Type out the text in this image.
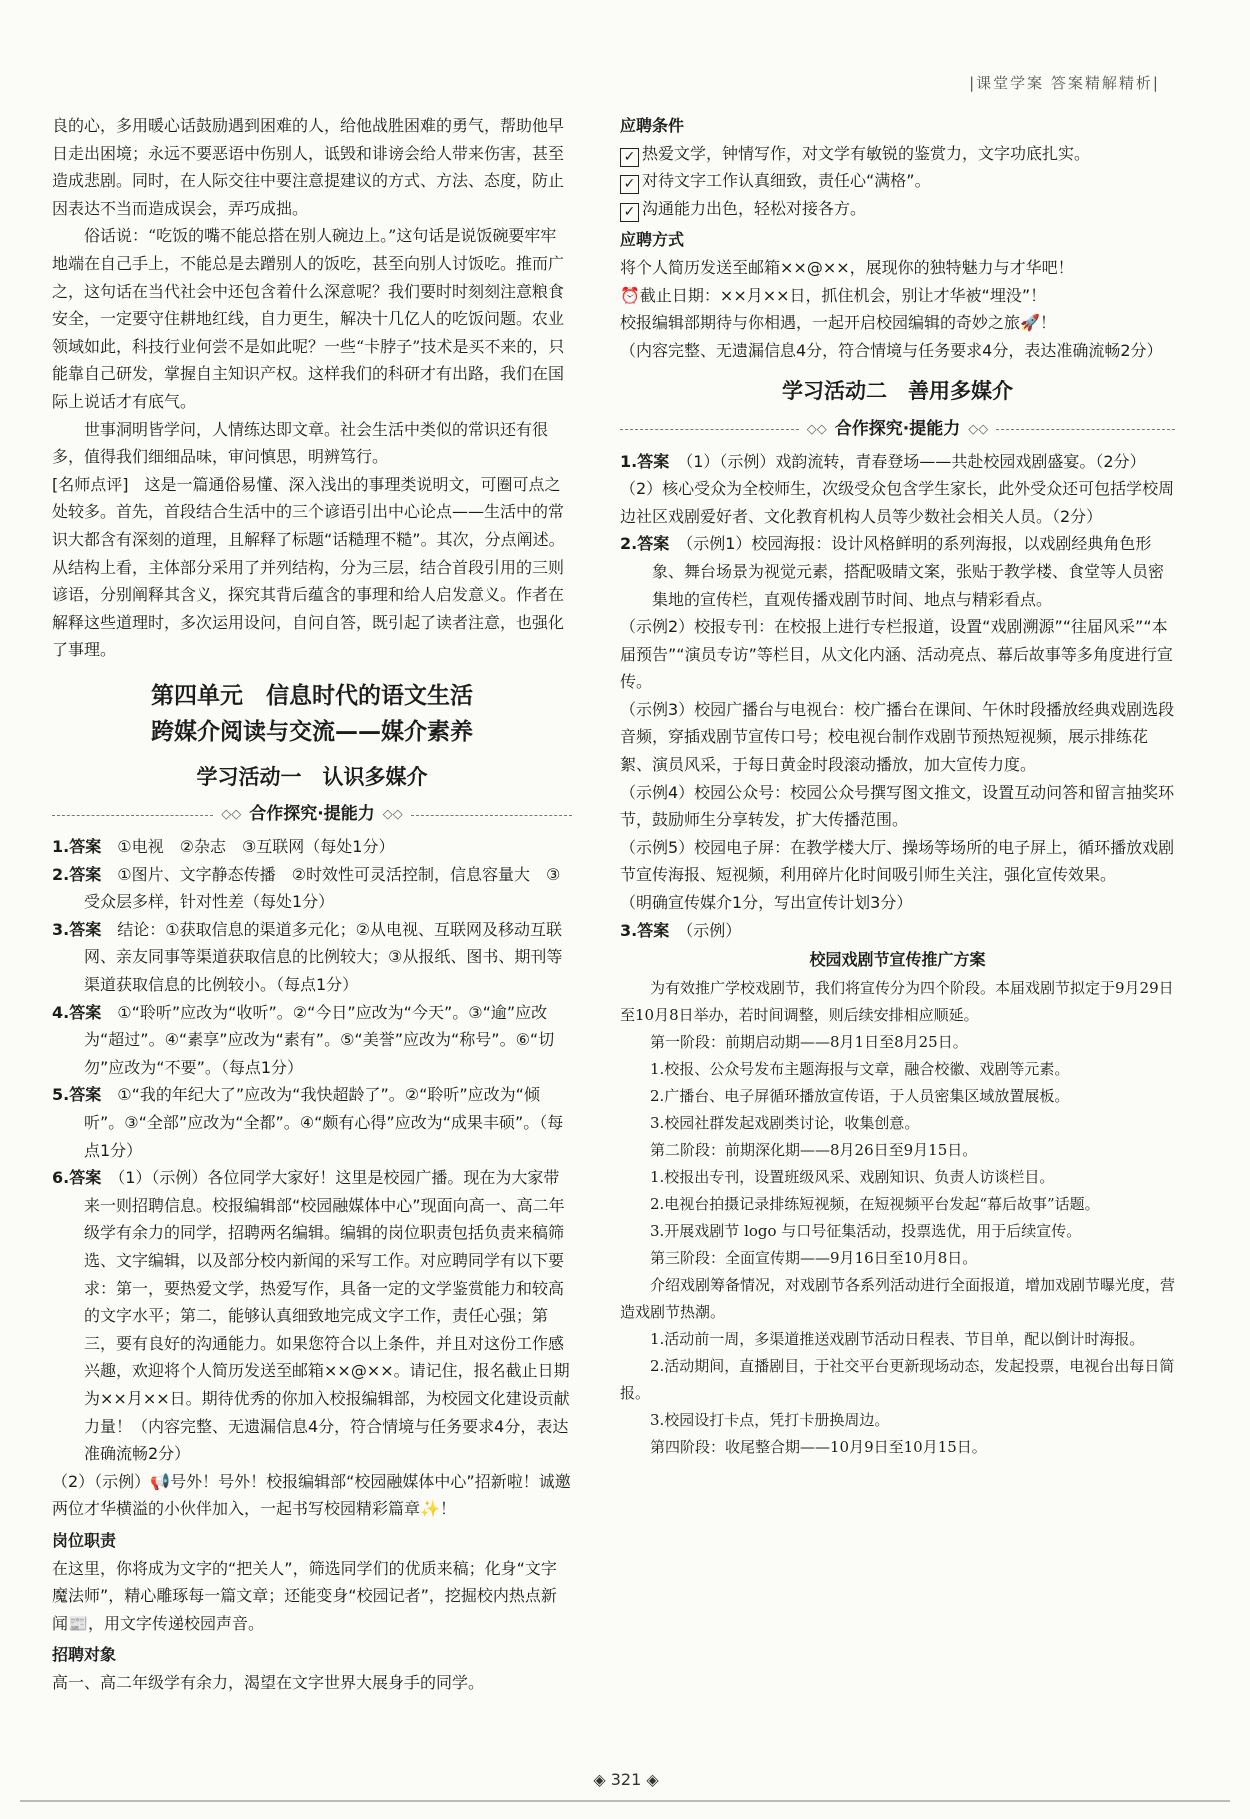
|课堂学案 答案精解精析|

良的心，多用暖心话鼓励遇到困难的人，给他战胜困难的勇气，帮助他早日走出困境；永远不要恶语中伤别人，诋毁和诽谤会给人带来伤害，甚至造成悲剧。同时，在人际交往中要注意提建议的方式、方法、态度，防止因表达不当而造成误会，弄巧成拙。

俗话说：“吃饭的嘴不能总搭在别人碗边上。”这句话是说饭碗要牢牢地端在自己手上，不能总是去蹭别人的饭吃，甚至向别人讨饭吃。推而广之，这句话在当代社会中还包含着什么深意呢？我们要时时刻刻注意粮食安全，一定要守住耕地红线，自力更生，解决十几亿人的吃饭问题。农业领域如此，科技行业何尝不是如此呢？一些“卡脖子”技术是买不来的，只能靠自己研发，掌握自主知识产权。这样我们的科研才有出路，我们在国际上说话才有底气。

世事洞明皆学问，人情练达即文章。社会生活中类似的常识还有很多，值得我们细细品味，审问慎思，明辨笃行。

[名师点评]　这是一篇通俗易懂、深入浅出的事理类说明文，可圈可点之处较多。首先，首段结合生活中的三个谚语引出中心论点——生活中的常识大都含有深刻的道理，且解释了标题“话糙理不糙”。其次，分点阐述。从结构上看，主体部分采用了并列结构，分为三层，结合首段引用的三则谚语，分别阐释其含义，探究其背后蕴含的事理和给人启发意义。作者在解释这些道理时，多次运用设问，自问自答，既引起了读者注意，也强化了事理。

第四单元　信息时代的语文生活
跨媒介阅读与交流——媒介素养
学习活动一　认识多媒介
◇◇ 合作探究·提能力 ◇◇

1.答案　 ①电视　②杂志　③互联网（每处1分）

2.答案　 ①图片、文字静态传播　②时效性可灵活控制，信息容量大　③受众层多样，针对性差（每处1分）

3.答案　 结论：①获取信息的渠道多元化；②从电视、互联网及移动互联网、亲友同事等渠道获取信息的比例较大；③从报纸、图书、期刊等渠道获取信息的比例较小。（每点1分）

4.答案　 ①“聆听”应改为“收听”。②“今日”应改为“今天”。③“逾”应改为“超过”。④“素享”应改为“素有”。⑤“美誉”应改为“称号”。⑥“切勿”应改为“不要”。（每点1分）

5.答案　 ①“我的年纪大了”应改为“我快超龄了”。②“聆听”应改为“倾听”。③“全部”应改为“全都”。④“颇有心得”应改为“成果丰硕”。（每点1分）

6.答案　 （1）（示例）各位同学大家好！这里是校园广播。现在为大家带来一则招聘信息。校报编辑部“校园融媒体中心”现面向高一、高二年级学有余力的同学，招聘两名编辑。编辑的岗位职责包括负责来稿筛选、文字编辑，以及部分校内新闻的采写工作。对应聘同学有以下要求：第一，要热爱文学，热爱写作，具备一定的文学鉴赏能力和较高的文字水平；第二，能够认真细致地完成文字工作，责任心强；第三，要有良好的沟通能力。如果您符合以上条件，并且对这份工作感兴趣，欢迎将个人简历发送至邮箱××@××。请记住，报名截止日期为××月××日。期待优秀的你加入校报编辑部，为校园文化建设贡献力量！（内容完整、无遗漏信息4分，符合情境与任务要求4分，表达准确流畅2分）

（2）（示例）📢号外！号外！校报编辑部“校园融媒体中心”招新啦！诚邀两位才华横溢的小伙伴加入，一起书写校园精彩篇章✨！

岗位职责

在这里，你将成为文字的“把关人”，筛选同学们的优质来稿；化身“文字魔法师”，精心雕琢每一篇文章；还能变身“校园记者”，挖掘校内热点新闻📰，用文字传递校园声音。

招聘对象

高一、高二年级学有余力，渴望在文字世界大展身手的同学。

应聘条件

✓ 热爱文学，钟情写作，对文学有敏锐的鉴赏力，文字功底扎实。

✓ 对待文字工作认真细致，责任心“满格”。

✓ 沟通能力出色，轻松对接各方。

应聘方式

将个人简历发送至邮箱××@××，展现你的独特魅力与才华吧！

⏰截止日期：××月××日，抓住机会，别让才华被“埋没”！

校报编辑部期待与你相遇，一起开启校园编辑的奇妙之旅🚀！

（内容完整、无遗漏信息4分，符合情境与任务要求4分，表达准确流畅2分）

学习活动二　善用多媒介
◇◇ 合作探究·提能力 ◇◇

1.答案　 （1）（示例）戏韵流转，青春登场——共赴校园戏剧盛宴。（2分）

（2）核心受众为全校师生，次级受众包含学生家长，此外受众还可包括学校周边社区戏剧爱好者、文化教育机构人员等少数社会相关人员。（2分）

2.答案　 （示例1）校园海报：设计风格鲜明的系列海报，以戏剧经典角色形象、舞台场景为视觉元素，搭配吸睛文案，张贴于教学楼、食堂等人员密集地的宣传栏，直观传播戏剧节时间、地点与精彩看点。

（示例2）校报专刊：在校报上进行专栏报道，设置“戏剧溯源”“往届风采”“本届预告”“演员专访”等栏目，从文化内涵、活动亮点、幕后故事等多角度进行宣传。

（示例3）校园广播台与电视台：校广播台在课间、午休时段播放经典戏剧选段音频，穿插戏剧节宣传口号；校电视台制作戏剧节预热短视频，展示排练花絮、演员风采，于每日黄金时段滚动播放，加大宣传力度。

（示例4）校园公众号：校园公众号撰写图文推文，设置互动问答和留言抽奖环节，鼓励师生分享转发，扩大传播范围。

（示例5）校园电子屏：在教学楼大厅、操场等场所的电子屏上，循环播放戏剧节宣传海报、短视频，利用碎片化时间吸引师生关注，强化宣传效果。

（明确宣传媒介1分，写出宣传计划3分）

3.答案　 （示例）

校园戏剧节宣传推广方案

为有效推广学校戏剧节，我们将宣传分为四个阶段。本届戏剧节拟定于9月29日至10月8日举办，若时间调整，则后续安排相应顺延。

第一阶段：前期启动期——8月1日至8月25日。

1.校报、公众号发布主题海报与文章，融合校徽、戏剧等元素。

2.广播台、电子屏循环播放宣传语，于人员密集区域放置展板。

3.校园社群发起戏剧类讨论，收集创意。

第二阶段：前期深化期——8月26日至9月15日。

1.校报出专刊，设置班级风采、戏剧知识、负责人访谈栏目。

2.电视台拍摄记录排练短视频，在短视频平台发起“幕后故事”话题。

3.开展戏剧节 logo 与口号征集活动，投票选优，用于后续宣传。

第三阶段：全面宣传期——9月16日至10月8日。

介绍戏剧筹备情况，对戏剧节各系列活动进行全面报道，增加戏剧节曝光度，营造戏剧节热潮。

1.活动前一周，多渠道推送戏剧节活动日程表、节目单，配以倒计时海报。

2.活动期间，直播剧目，于社交平台更新现场动态，发起投票，电视台出每日简报。

3.校园设打卡点，凭打卡册换周边。

第四阶段：收尾整合期——10月9日至10月15日。

◈ 321 ◈
